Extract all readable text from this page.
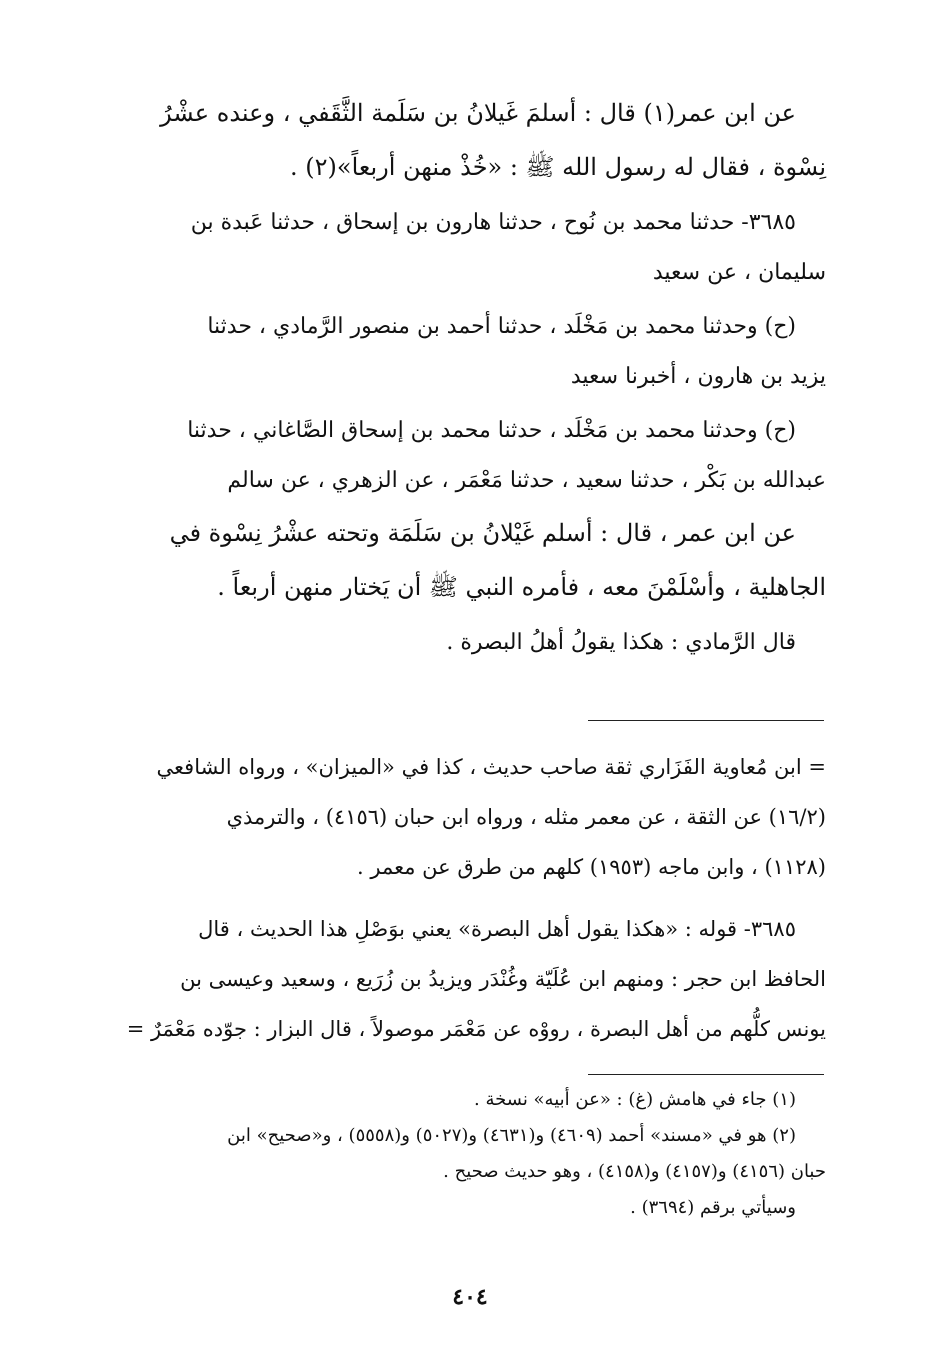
عن ابن عمر(١) قال : أسلمَ غَيلانُ بن سَلَمة الثَّقَفي ، وعنده عشْرُ
نِسْوة ، فقال له رسول الله ﷺ : «خُذْ منهن أربعاً»(٢) .
٣٦٨٥- حدثنا محمد بن نُوح ، حدثنا هارون بن إسحاق ، حدثنا عَبدة بن
سليمان ، عن سعيد
(ح) وحدثنا محمد بن مَخْلَد ، حدثنا أحمد بن منصور الرَّمادي ، حدثنا
يزيد بن هارون ، أخبرنا سعيد
(ح) وحدثنا محمد بن مَخْلَد ، حدثنا محمد بن إسحاق الصَّاغاني ، حدثنا
عبدالله بن بَكْر ، حدثنا سعيد ، حدثنا مَعْمَر ، عن الزهري ، عن سالم
عن ابن عمر ، قال : أسلم غَيْلانُ بن سَلَمَة وتحته عشْرُ نِسْوة في
الجاهلية ، وأسْلَمْنَ معه ، فأمره النبي ﷺ أن يَختار منهن أربعاً .
قال الرَّمادي : هكذا يقولُ أهلُ البصرة .
= ابن مُعاوية الفَزَاري ثقة صاحب حديث ، كذا في «الميزان» ، ورواه الشافعي
(١٦/٢) عن الثقة ، عن معمر مثله ، ورواه ابن حبان (٤١٥٦) ، والترمذي
(١١٢٨) ، وابن ماجه (١٩٥٣) كلهم من طرق عن معمر .
٣٦٨٥- قوله : «هكذا يقول أهل البصرة» يعني بوَصْلِ هذا الحديث ، قال
الحافظ ابن حجر : ومنهم ابن عُلَيّة وغُنْدَر ويزيدُ بن زُرَيع ، وسعيد وعيسى بن
يونس كلُّهم من أهل البصرة ، رووْه عن مَعْمَر موصولاً ، قال البزار : جوّده مَعْمَرٌ =
(١) جاء في هامش (غ) : «عن أبيه» نسخة .
(٢) هو في «مسند» أحمد (٤٦٠٩) و(٤٦٣١) و(٥٠٢٧) و(٥٥٥٨) ، و«صحيح» ابن
حبان (٤١٥٦) و(٤١٥٧) و(٤١٥٨) ، وهو حديث صحيح .
وسيأتي برقم (٣٦٩٤) .
٤٠٤
